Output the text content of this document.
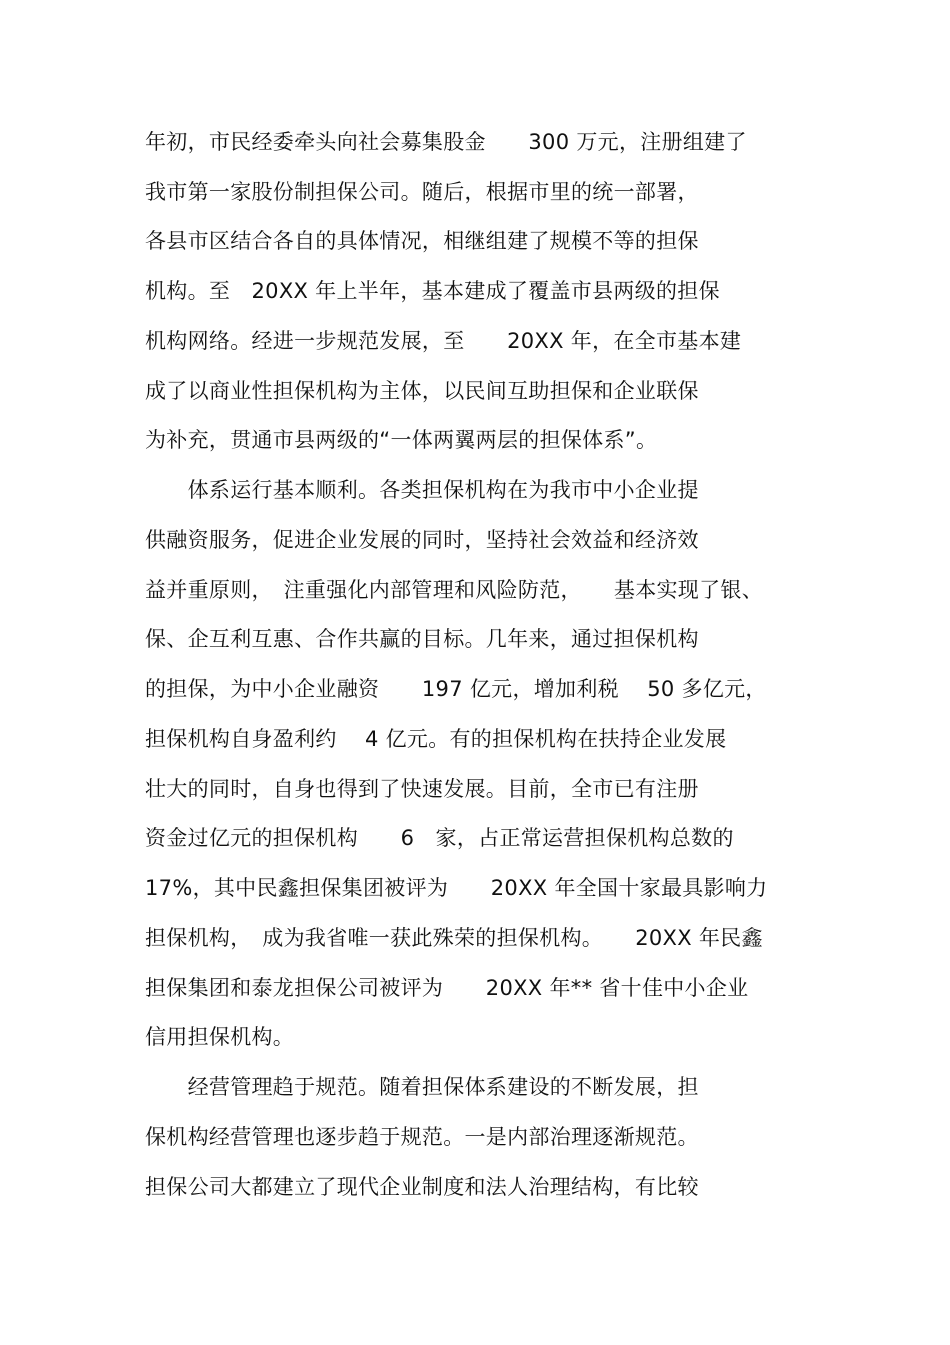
年初，市民经委牵头向社会募集股金　　300 万元，注册组建了
我市第一家股份制担保公司。随后，根据市里的统一部署，
各县市区结合各自的具体情况，相继组建了规模不等的担保
机构。至　20XX 年上半年，基本建成了覆盖市县两级的担保
机构网络。经进一步规范发展，至　　20XX 年，在全市基本建
成了以商业性担保机构为主体，以民间互助担保和企业联保
为补充，贯通市县两级的“一体两翼两层的担保体系”。
　　体系运行基本顺利。各类担保机构在为我市中小企业提
供融资服务，促进企业发展的同时，坚持社会效益和经济效
益并重原则，　注重强化内部管理和风险防范，　　基本实现了银、
保、企互利互惠、合作共赢的目标。几年来，通过担保机构
的担保，为中小企业融资　　197 亿元，增加利税　 50 多亿元，
担保机构自身盈利约　 4 亿元。有的担保机构在扶持企业发展
壮大的同时，自身也得到了快速发展。目前，全市已有注册
资金过亿元的担保机构　　6　家，占正常运营担保机构总数的
17%，其中民鑫担保集团被评为　　20XX 年全国十家最具影响力
担保机构，　成为我省唯一获此殊荣的担保机构。　　20XX 年民鑫
担保集团和泰龙担保公司被评为　　20XX 年** 省十佳中小企业
信用担保机构。
　　经营管理趋于规范。随着担保体系建设的不断发展，担
保机构经营管理也逐步趋于规范。一是内部治理逐渐规范。
担保公司大都建立了现代企业制度和法人治理结构，有比较
